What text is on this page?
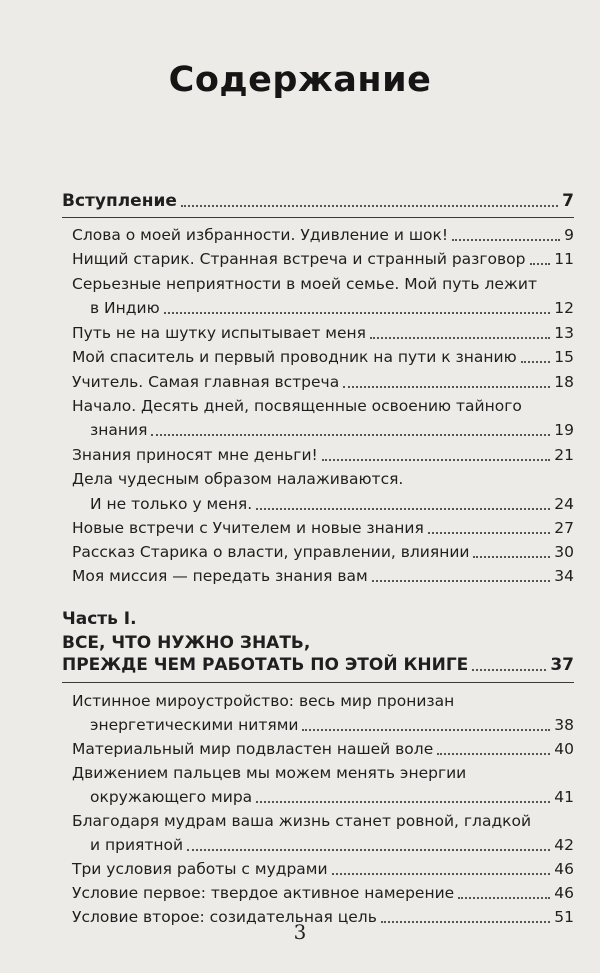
Содержание
Вступление	7
Слова о моей избранности. Удивление и шок!	9
Нищий старик. Странная встреча и странный разговор 11
Серьезные неприятности в моей семье. Мой путь лежит
в Индию	12
Путь не на шутку испытывает меня	13
Мой спаситель и первый проводник на пути к знанию 15
Учитель. Самая главная встреча	18
Начало. Десять дней, посвященные освоению тайного
знания	19
Знания приносят мне деньги!	21
Дела чудесным образом налаживаются.
И не только у меня.	24
Новые встречи с Учителем и новые знания	27
Рассказ Старика о власти, управлении, влиянии	30
Моя миссия — передать знания вам	34
Часть I.
ВСЕ, ЧТО НУЖНО ЗНАТЬ,
ПРЕЖДЕ ЧЕМ РАБОТАТЬ ПО ЭТОЙ КНИГЕ	37
Истинное мироустройство: весь мир пронизан
энергетическими нитями	38
Материальный мир подвластен нашей воле	40
Движением пальцев мы можем менять энергии
окружающего мира	41
Благодаря мудрам ваша жизнь станет ровной, гладкой
и приятной	42
Три условия работы с мудрами	46
Условие первое: твердое активное намерение	46
Условие второе: созидательная цель	51
3
